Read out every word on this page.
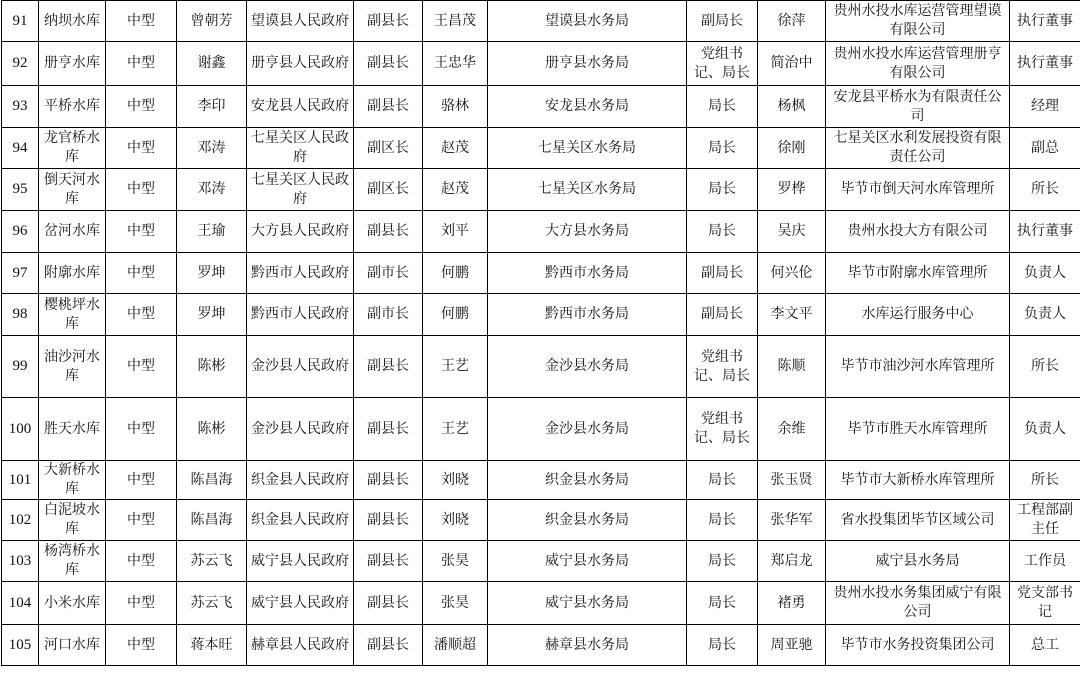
91	纳坝水库	中型	曾朝芳	望谟县人民政府	副县长	王昌茂	望谟县水务局	副局长	徐萍	贵州水投水库运营管理望谟有限公司	执行董事
92	册亨水库	中型	谢鑫	册亨县人民政府	副县长	王忠华	册亨县水务局	党组书记、局长	简治中	贵州水投水库运营管理册亨有限公司	执行董事
93	平桥水库	中型	李印	安龙县人民政府	副县长	骆林	安龙县水务局	局长	杨枫	安龙县平桥水为有限责任公司	经理
94	龙官桥水库	中型	邓涛	七星关区人民政府	副区长	赵茂	七星关区水务局	局长	徐刚	七星关区水利发展投资有限责任公司	副总
95	倒天河水库	中型	邓涛	七星关区人民政府	副区长	赵茂	七星关区水务局	局长	罗桦	毕节市倒天河水库管理所	所长
96	岔河水库	中型	王瑜	大方县人民政府	副县长	刘平	大方县水务局	局长	吴庆	贵州水投大方有限公司	执行董事
97	附廓水库	中型	罗坤	黔西市人民政府	副市长	何鹏	黔西市水务局	副局长	何兴伦	毕节市附廓水库管理所	负责人
98	樱桃坪水库	中型	罗坤	黔西市人民政府	副市长	何鹏	黔西市水务局	副局长	李文平	水库运行服务中心	负责人
99	油沙河水库	中型	陈彬	金沙县人民政府	副县长	王艺	金沙县水务局	党组书记、局长	陈顺	毕节市油沙河水库管理所	所长
100	胜天水库	中型	陈彬	金沙县人民政府	副县长	王艺	金沙县水务局	党组书记、局长	余维	毕节市胜天水库管理所	负责人
101	大新桥水库	中型	陈昌海	织金县人民政府	副县长	刘晓	织金县水务局	局长	张玉贤	毕节市大新桥水库管理所	所长
102	白泥坡水库	中型	陈昌海	织金县人民政府	副县长	刘晓	织金县水务局	局长	张华军	省水投集团毕节区域公司	工程部副主任
103	杨湾桥水库	中型	苏云飞	威宁县人民政府	副县长	张昊	威宁县水务局	局长	郑启龙	威宁县水务局	工作员
104	小米水库	中型	苏云飞	威宁县人民政府	副县长	张昊	威宁县水务局	局长	褚勇	贵州水投水务集团威宁有限公司	党支部书记
105	河口水库	中型	蒋本旺	赫章县人民政府	副县长	潘顺超	赫章县水务局	局长	周亚驰	毕节市水务投资集团公司	总工
